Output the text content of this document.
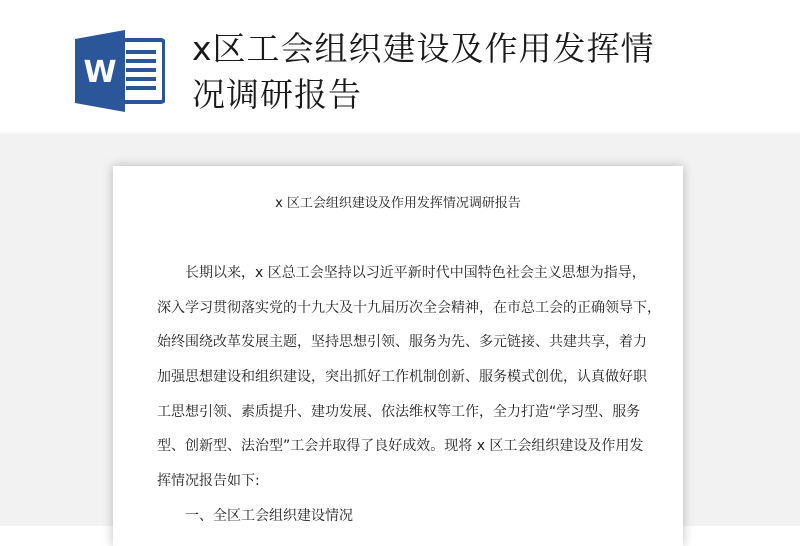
W
x区工会组织建设及作用发挥情
况调研报告
x 区工会组织建设及作用发挥情况调研报告
长期以来，x 区总工会坚持以习近平新时代中国特色社会主义思想为指导，
深入学习贯彻落实党的十九大及十九届历次全会精神，在市总工会的正确领导下，
始终围绕改革发展主题，坚持思想引领、服务为先、多元链接、共建共享，着力
加强思想建设和组织建设，突出抓好工作机制创新、服务模式创优，认真做好职
工思想引领、素质提升、建功发展、依法维权等工作，全力打造“学习型、服务
型、创新型、法治型”工会并取得了良好成效。现将 x 区工会组织建设及作用发
挥情况报告如下:
一、全区工会组织建设情况
